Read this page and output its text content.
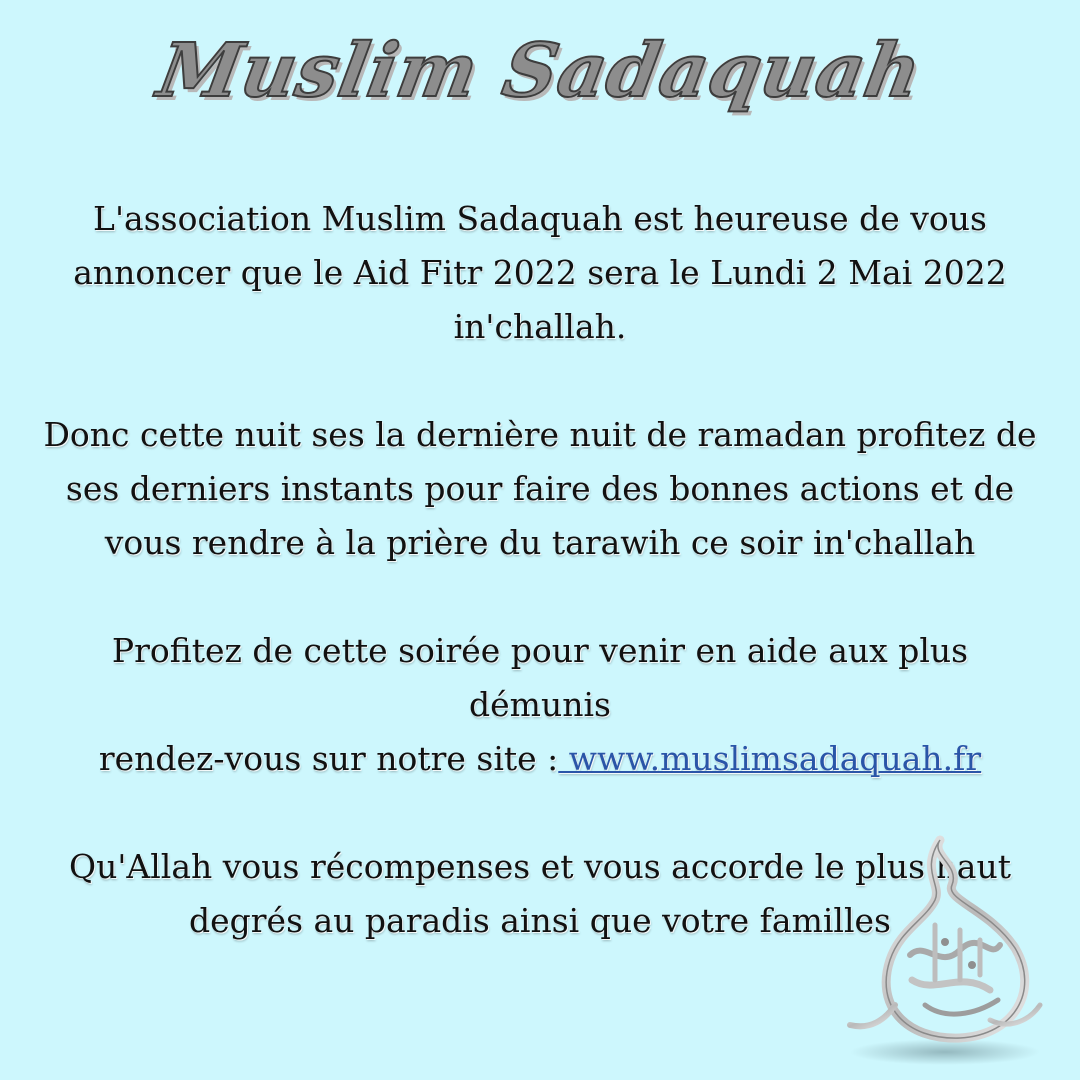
Muslim Sadaquah

L'association Muslim Sadaquah est heureuse de vous annoncer que le Aid Fitr 2022 sera le Lundi 2 Mai 2022 in'challah.

Donc cette nuit ses la dernière nuit de ramadan profitez de ses derniers instants pour faire des bonnes actions et de vous rendre à la prière du tarawih ce soir in'challah

Profitez de cette soirée pour venir en aide aux plus démunis
rendez-vous sur notre site : www.muslimsadaquah.fr

Qu'Allah vous récompenses et vous accorde le plus haut degrés au paradis ainsi que votre familles
